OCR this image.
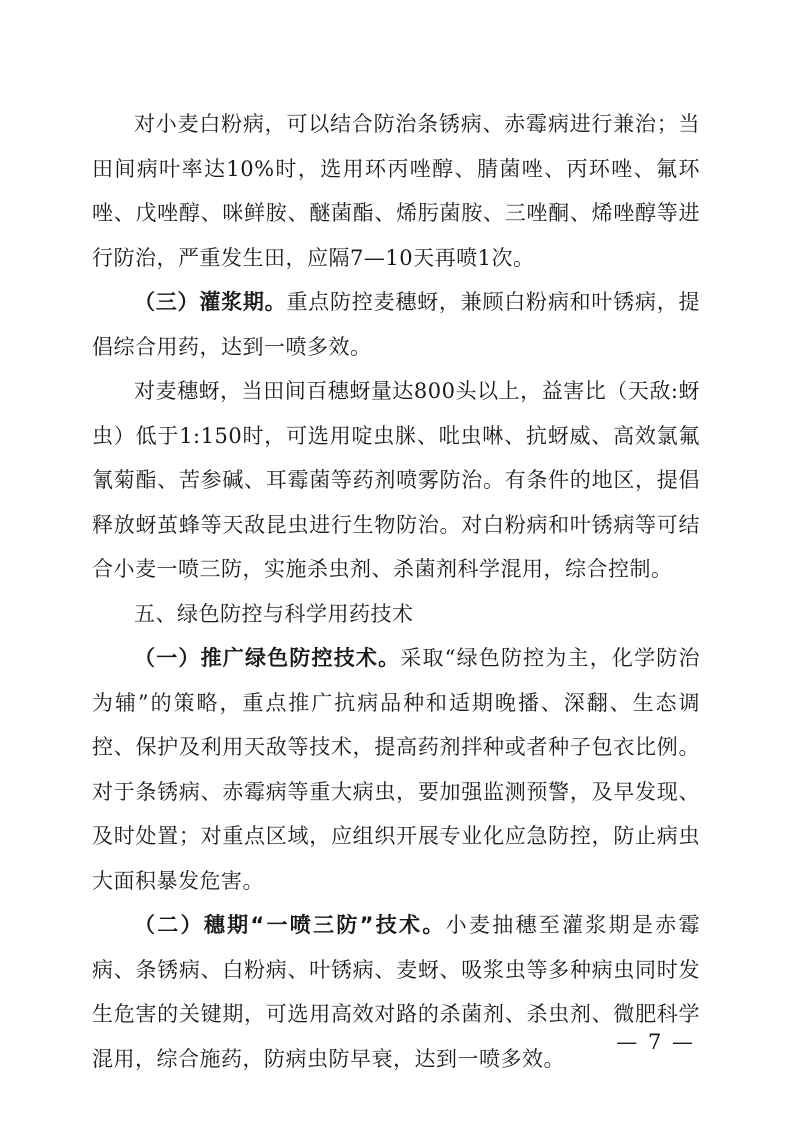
对小麦白粉病，可以结合防治条锈病、赤霉病进行兼治；当田间病叶率达10%时，选用环丙唑醇、腈菌唑、丙环唑、氟环唑、戊唑醇、咪鲜胺、醚菌酯、烯肟菌胺、三唑酮、烯唑醇等进行防治，严重发生田，应隔7—10天再喷1次。

（三）灌浆期。重点防控麦穗蚜，兼顾白粉病和叶锈病，提倡综合用药，达到一喷多效。

对麦穗蚜，当田间百穗蚜量达800头以上，益害比（天敌:蚜虫）低于1:150时，可选用啶虫脒、吡虫啉、抗蚜威、高效氯氟氰菊酯、苦参碱、耳霉菌等药剂喷雾防治。有条件的地区，提倡释放蚜茧蜂等天敌昆虫进行生物防治。对白粉病和叶锈病等可结合小麦一喷三防，实施杀虫剂、杀菌剂科学混用，综合控制。

五、绿色防控与科学用药技术

（一）推广绿色防控技术。采取“绿色防控为主，化学防治为辅”的策略，重点推广抗病品种和适期晚播、深翻、生态调控、保护及利用天敌等技术，提高药剂拌种或者种子包衣比例。对于条锈病、赤霉病等重大病虫，要加强监测预警，及早发现、及时处置；对重点区域，应组织开展专业化应急防控，防止病虫大面积暴发危害。

（二）穗期“一喷三防”技术。小麦抽穗至灌浆期是赤霉病、条锈病、白粉病、叶锈病、麦蚜、吸浆虫等多种病虫同时发生危害的关键期，可选用高效对路的杀菌剂、杀虫剂、微肥科学混用，综合施药，防病虫防早衰，达到一喷多效。

— 7 —
